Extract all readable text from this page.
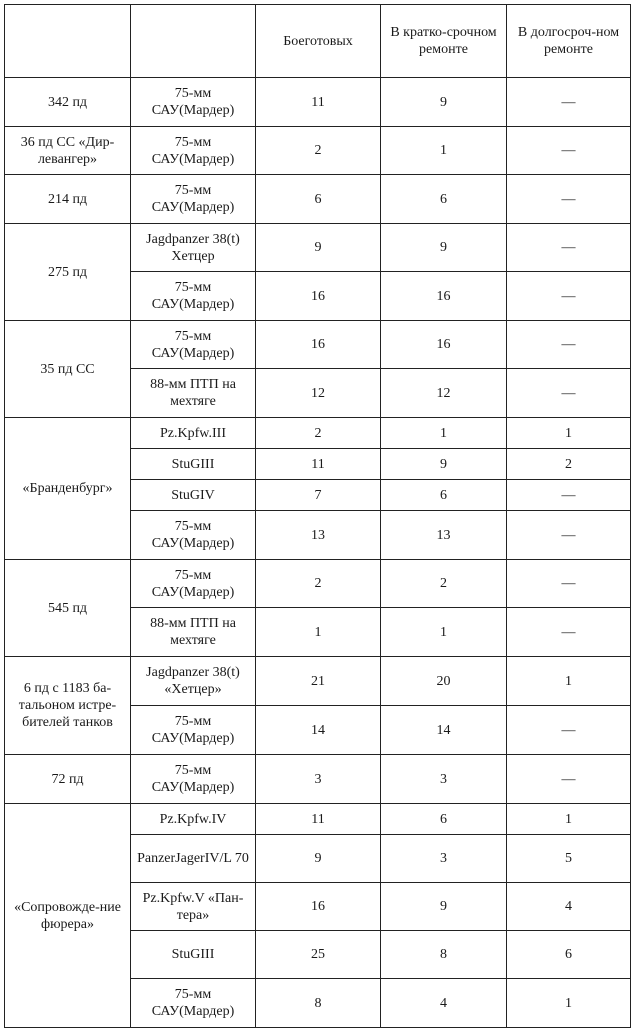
		Боеготовых	В кратко-срочном ремонте	В долгосроч-ном ремонте
342 пд	75-мм САУ(Мардер)	11	9	—
36 пд СС «Дир-левангер»	75-мм САУ(Мардер)	2	1	—
214 пд	75-мм САУ(Мардер)	6	6	—
275 пд	Jagdpanzer 38(t) Хетцер	9	9	—
	75-мм САУ(Мардер)	16	16	—
35 пд СС	75-мм САУ(Мардер)	16	16	—
	88-мм ПТП на мехтяге	12	12	—
«Бранденбург»	Pz.Kpfw.III	2	1	1
	StuGIII	11	9	2
	StuGIV	7	6	—
	75-мм САУ(Мардер)	13	13	—
545 пд	75-мм САУ(Мардер)	2	2	—
	88-мм ПТП на мехтяге	1	1	—
6 пд с 1183 ба-тальоном истре-бителей танков	Jagdpanzer 38(t) «Хетцер»	21	20	1
	75-мм САУ(Мардер)	14	14	—
72 пд	75-мм САУ(Мардер)	3	3	—
«Сопровожде-ние фюрера»	Pz.Kpfw.IV	11	6	1
	PanzerJagerIV/L 70	9	3	5
	Pz.Kpfw.V «Пан-тера»	16	9	4
	StuGIII	25	8	6
	75-мм САУ(Мардер)	8	4	1
